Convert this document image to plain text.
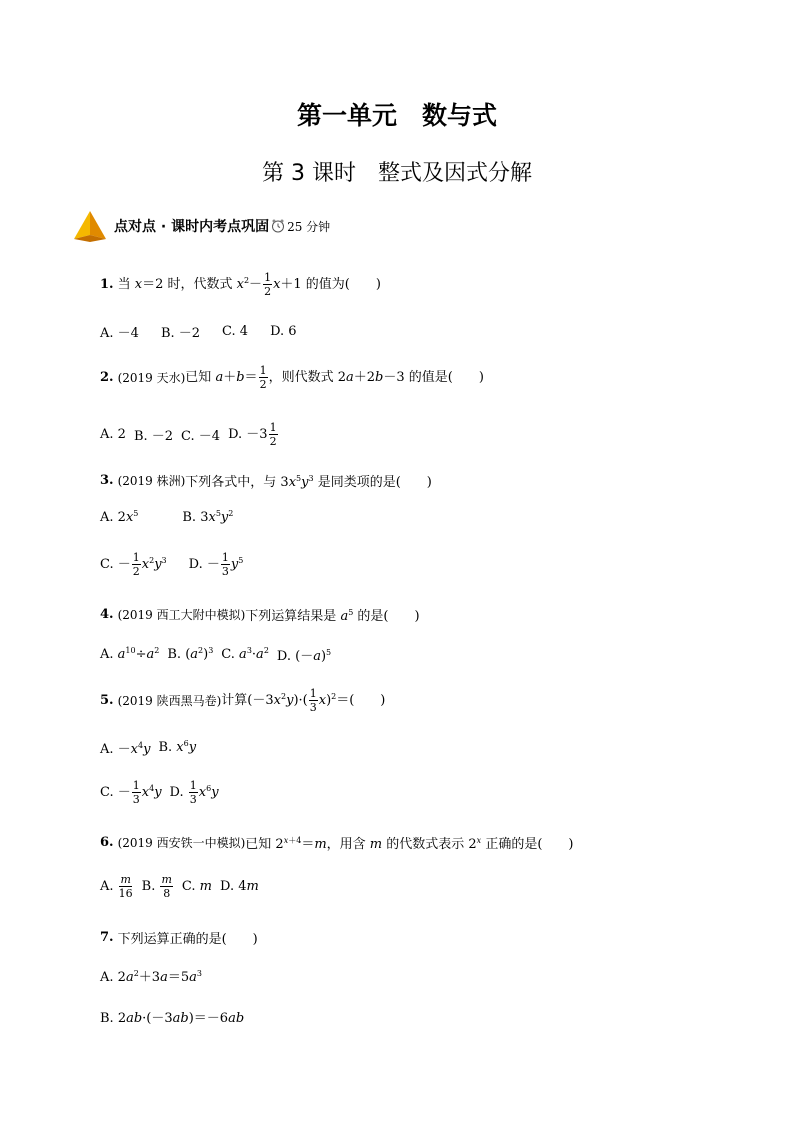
第一单元　数与式
第 3 课时　整式及因式分解
点对点 · 课时内考点巩固 25 分钟
1. 当 x＝2 时，代数式 $x^2- \frac{1}{2} x+1$ 的值为(　　)
A. －4 B. －2 C. 4 D. 6
2. (2019 天水) 已知 $a+b= \frac{1}{2}$ ，则代数式 2a＋2b－3 的值是(　　)
A. 2 B. －2 C. －4 D. $-3 \frac{1}{2}$
3. (2019 株洲) 下列各式中，与 $3x^5y^3$ 是同类项的是(　　)
A. $2x^5$	B. $3x^5y^2$
C. － $\frac{1}{2} x^2y^3$ D. － $\frac{1}{3} y^5$
4. (2019 西工大附中模拟) 下列运算结果是 $a^5$ 的是(　　)
A. $a^{10}\div a^2$ B. $(a^2)^3$ C. $a^3\cdot a^2$ D. $(-a)^5$
5. (2019 陕西黑马卷) 计算$(-3x^2y)\cdot( \frac{1}{3} x)^2=$(　　)
A. $-x^4y$ B. $x^6y$
C. － $\frac{1}{3} x^4y$ D. $\frac{1}{3} x^6y$
6. (2019 西安铁一中模拟) 已知 $2^{x+4}=m$，用含 m 的代数式表示 2$^x$ 正确的是(　　)
A. $\frac{m}{16} B$. $\frac{m}{8} C$. m D. 4m
7. 下列运算正确的是(　　)
A. $2a^2+3a=5a^3$
B. 2ab·(－3ab)＝－6ab
